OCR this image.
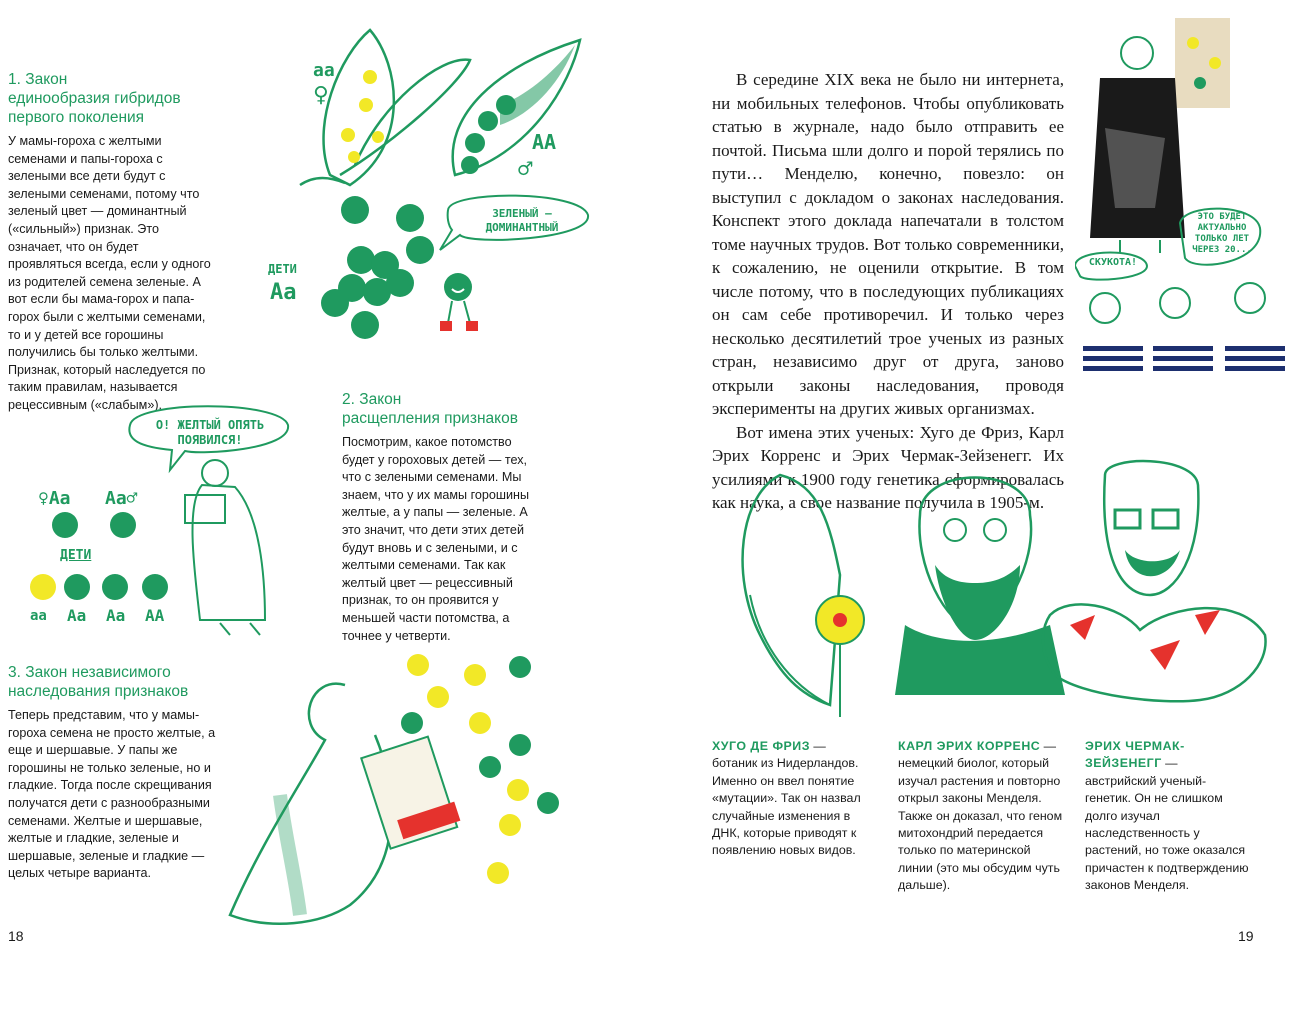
1. Закон
единообразия гибридов
первого поколения

У мамы-гороха с желтыми семенами и папы-гороха с зелеными все дети будут с зелеными семенами, потому что зеленый цвет — доминантный («сильный») признак. Это означает, что он будет проявляться всегда, если у одного из родителей семена зеленые. А вот если бы мама-горох и папа-горох были с желтыми семенами, то и у детей все горошины получились бы только желтыми. Признак, который наследуется по таким правилам, называется рецессивным («слабым»).	2. Закон
расщепления признаков

Посмотрим, какое потомство будет у гороховых детей — тех, что с зелеными семенами. Мы знаем, что у их мамы горошины желтые, а у папы — зеленые. А это значит, что дети этих детей будут вновь и с зелеными, и с желтыми семенами. Так как желтый цвет — рецессивный признак, то он проявится у меньшей части потомства, а точнее у четверти.

3. Закон независимого
наследования признаков

Теперь представим, что у мамы-гороха семена не просто желтые, а еще и шершавые. У папы же горошины не только зеленые, но и гладкие. Тогда после скрещивания получатся дети с разнообразными семенами. Желтые и шершавые, желтые и гладкие, зеленые и шершавые, зеленые и гладкие — целых четыре варианта.

18
аа
♀
АА
♂
ЗЕЛЕНЫЙ —
ДОМИНАНТНЫЙ
ДЕТИ
Аа
О! ЖЕЛТЫЙ ОПЯТЬ
ПОЯВИЛСЯ!
♀Аа Аа♂
ДЕТИ
аа Аа Аа АА

В середине XIX века не было ни интернета, ни мобильных телефонов. Чтобы опубликовать статью в журнале, надо было отправить ее почтой. Письма шли долго и порой терялись по пути… Менделю, конечно, повезло: он выступил с докладом о законах наследования. Конспект этого доклада напечатали в толстом томе научных трудов. Вот только современники, к сожалению, не оценили открытие. В том числе потому, что в последующих публикациях он сам себе противоречил. И только через несколько десятилетий трое ученых из разных стран, независимо друг от друга, заново открыли законы наследования, проводя эксперименты на других живых организмах.

Вот имена этих ученых: Хуго де Фриз, Карл Эрих Корренс и Эрих Чермак-Зейзенегг. Их усилиями к 1900 году генетика сформировалась как наука, а свое название получила в 1905-м.

СКУКОТА!
ЭТО БУДЕТ
АКТУАЛЬНО
ТОЛЬКО ЛЕТ
ЧЕРЕЗ 20...

ХУГО ДЕ ФРИЗ — ботаник из Нидерландов. Именно он ввел понятие «мутации». Так он назвал случайные изменения в ДНК, которые приводят к появлению новых видов.

КАРЛ ЭРИХ КОРРЕНС — немецкий биолог, который изучал растения и повторно открыл законы Менделя. Также он доказал, что геном митохондрий передается только по материнской линии (это мы обсудим чуть дальше).

ЭРИХ ЧЕРМАК-ЗЕЙЗЕНЕГГ — австрийский ученый-генетик. Он не слишком долго изучал наследственность у растений, но тоже оказался причастен к подтверждению законов Менделя.

19
